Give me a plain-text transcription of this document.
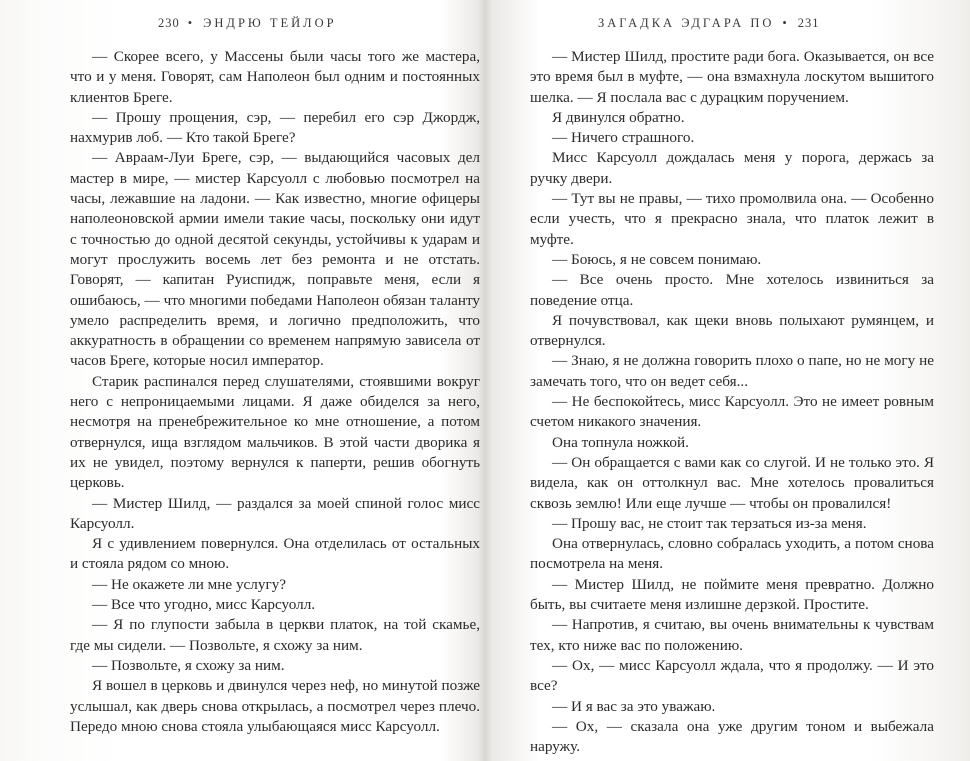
230 • ЭНДРЮ ТЕЙЛОР

— Скорее всего, у Массены были часы того же мастера, что и у меня. Говорят, сам Наполеон был одним и постоянных клиентов Бреге.

— Прошу прощения, сэр, — перебил его сэр Джордж, нахмурив лоб. — Кто такой Бреге?

— Авраам-Луи Бреге, сэр, — выдающийся часовых дел мастер в мире, — мистер Карсуолл с любовью посмотрел на часы, лежавшие на ладони. — Как известно, многие офицеры наполеоновской армии имели такие часы, поскольку они идут с точностью до одной десятой секунды, устойчивы к ударам и могут прослужить восемь лет без ремонта и не отстать. Говорят, — капитан Руиспидж, поправьте меня, если я ошибаюсь, — что многими победами Наполеон обязан таланту умело распределить время, и логично предположить, что аккуратность в обращении со временем напрямую зависела от часов Бреге, которые носил император.

Старик распинался перед слушателями, стоявшими вокруг него с непроницаемыми лицами. Я даже обиделся за него, несмотря на пренебрежительное ко мне отношение, а потом отвернулся, ища взглядом мальчиков. В этой части дворика я их не увидел, поэтому вернулся к паперти, решив обогнуть церковь.

— Мистер Шилд, — раздался за моей спиной голос мисс Карсуолл.

Я с удивлением повернулся. Она отделилась от остальных и стояла рядом со мною.

— Не окажете ли мне услугу?

— Все что угодно, мисс Карсуолл.

— Я по глупости забыла в церкви платок, на той скамье, где мы сидели. — Позвольте, я схожу за ним.

— Позвольте, я схожу за ним.

Я вошел в церковь и двинулся через неф, но минутой позже услышал, как дверь снова открылась, а посмотрел через плечо. Передо мною снова стояла улыбающаяся мисс Карсуолл.

ЗАГАДКА ЭДГАРА ПО • 231

— Мистер Шилд, простите ради бога. Оказывается, он все это время был в муфте, — она взмахнула лоскутом вышитого шелка. — Я послала вас с дурацким поручением.

Я двинулся обратно.

— Ничего страшного.

Мисс Карсуолл дождалась меня у порога, держась за ручку двери.

— Тут вы не правы, — тихо промолвила она. — Особенно если учесть, что я прекрасно знала, что платок лежит в муфте.

— Боюсь, я не совсем понимаю.

— Все очень просто. Мне хотелось извиниться за поведение отца.

Я почувствовал, как щеки вновь полыхают румянцем, и отвернулся.

— Знаю, я не должна говорить плохо о папе, но не могу не замечать того, что он ведет себя...

— Не беспокойтесь, мисс Карсуолл. Это не имеет ровным счетом никакого значения.

Она топнула ножкой.

— Он обращается с вами как со слугой. И не только это. Я видела, как он оттолкнул вас. Мне хотелось провалиться сквозь землю! Или еще лучше — чтобы он провалился!

— Прошу вас, не стоит так терзаться из-за меня.

Она отвернулась, словно собралась уходить, а потом снова посмотрела на меня.

— Мистер Шилд, не поймите меня превратно. Должно быть, вы считаете меня излишне дерзкой. Простите.

— Напротив, я считаю, вы очень внимательны к чувствам тех, кто ниже вас по положению.

— Ох, — мисс Карсуолл ждала, что я продолжу. — И это все?

— И я вас за это уважаю.

— Ох, — сказала она уже другим тоном и выбежала наружу.
